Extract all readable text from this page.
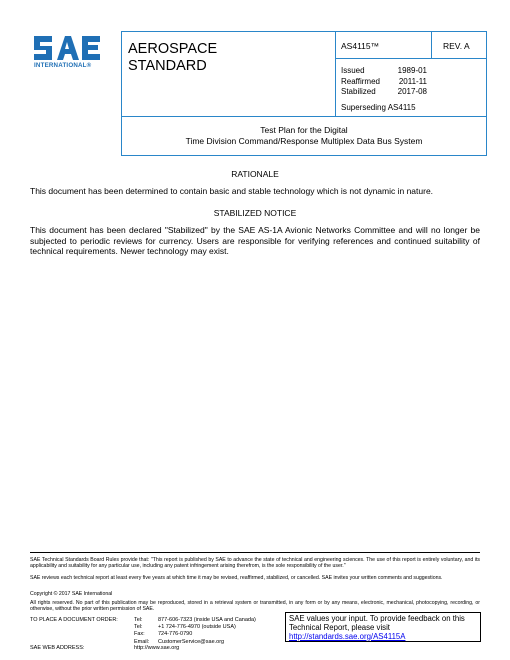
INTERNATIONAL®
AEROSPACE
STANDARD
AS4115™	REV. A
Issued	1989-01
Reaffirmed 2011-11
Stabilized	2017-08
Superseding AS4115
Test Plan for the Digital
Time Division Command/Response Multiplex Data Bus System
RATIONALE
This document has been determined to contain basic and stable technology which is not dynamic in nature.
STABILIZED NOTICE
This document has been declared "Stabilized" by the SAE AS-1A Avionic Networks Committee and will no longer be subjected to periodic reviews for currency. Users are responsible for verifying references and continued suitability of technical requirements. Newer technology may exist.
SAE Technical Standards Board Rules provide that: "This report is published by SAE to advance the state of technical and engineering sciences. The use of this report is entirely voluntary, and its applicability and suitability for any particular use, including any patent infringement arising therefrom, is the sole responsibility of the user."
SAE reviews each technical report at least every five years at which time it may be revised, reaffirmed, stabilized, or cancelled. SAE invites your written comments and suggestions.
Copyright © 2017 SAE International
All rights reserved. No part of this publication may be reproduced, stored in a retrieval system or transmitted, in any form or by any means, electronic, mechanical, photocopying, recording, or otherwise, without the prior written permission of SAE.
TO PLACE A DOCUMENT ORDER:	Tel:	877-606-7323 (inside USA and Canada)
Tel:	+1 724-776-4970 (outside USA)
Fax:	724-776-0790
Email:	CustomerService@sae.org
SAE WEB ADDRESS:	http://www.sae.org
SAE values your input. To provide feedback on this Technical Report, please visit
http://standards.sae.org/AS4115A
